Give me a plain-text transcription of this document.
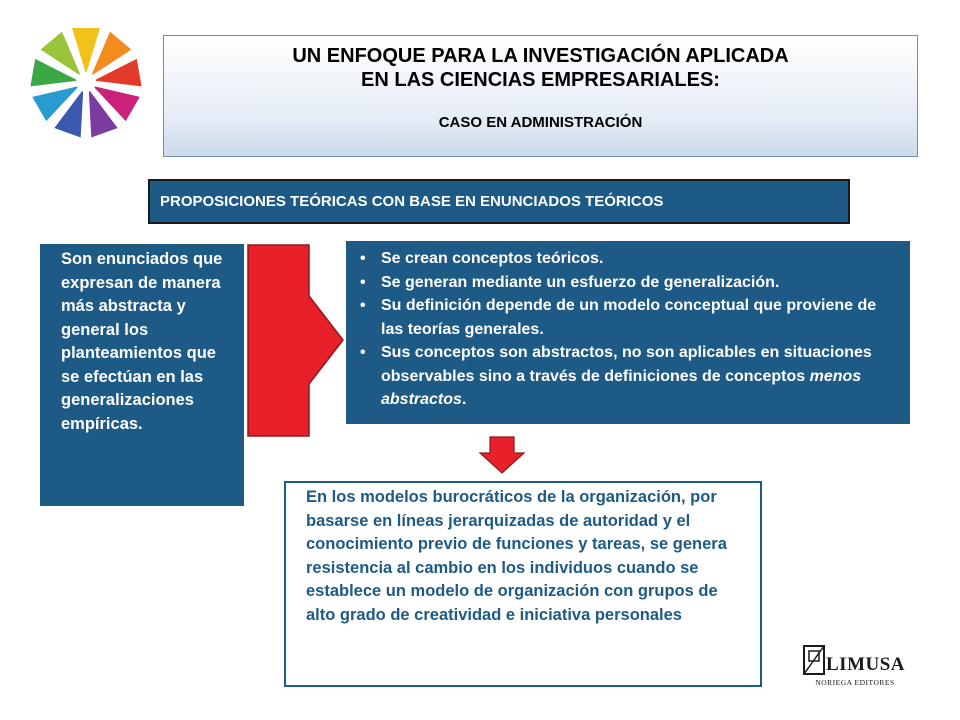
UN ENFOQUE PARA LA INVESTIGACIÓN APLICADA
EN LAS CIENCIAS EMPRESARIALES:
CASO EN ADMINISTRACIÓN
PROPOSICIONES TEÓRICAS CON BASE EN ENUNCIADOS TEÓRICOS
Son enunciados que expresan de manera más abstracta y general los planteamientos que se efectúan en las generalizaciones empíricas.
• Se crean conceptos teóricos.
• Se generan mediante un esfuerzo de generalización.
• Su definición depende de un modelo conceptual que proviene de las teorías generales.
• Sus conceptos son abstractos, no son aplicables en situaciones observables sino a través de definiciones de conceptos menos abstractos.
En los modelos burocráticos de la organización, por basarse en líneas jerarquizadas de autoridad y el conocimiento previo de funciones y tareas, se genera resistencia al cambio en los individuos cuando se establece un modelo de organización con grupos de alto grado de creatividad e iniciativa personales
LIMUSA
NORIEGA EDITORES
